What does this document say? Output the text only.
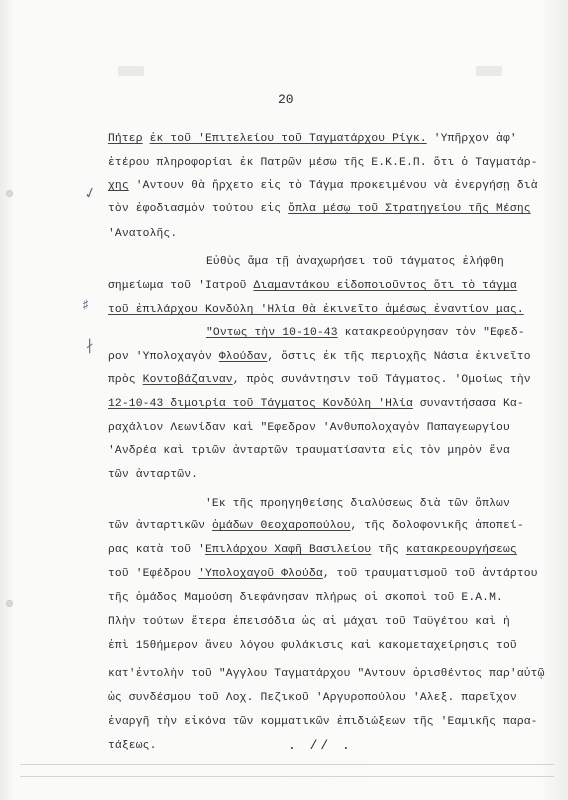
20
Πήτερ ἐκ τοῦ 'Επιτελείου τοῦ Ταγματάρχου Ρίγκ. 'Υπῆρχον ἀφ'
ἑτέρου πληροφορίαι ἐκ Πατρῶν μέσω τῆς Ε.Κ.Ε.Π. ὅτι ὁ Ταγματάρ-
χης 'Αντουν θὰ ἤρχετο εἰς τὸ Τάγμα προκειμένου νὰ ἐνεργήσῃ διὰ
τὸν ἐφοδιασμὸν τούτου εἰς ὅπλα μέσῳ τοῦ Στρατηγείου τῆς Μέσης
'Ανατολῆς.
Εὐθὺς ἅμα τῇ ἀναχωρήσει τοῦ τάγματος ἐλήφθη
σημείωμα τοῦ 'Ιατροῦ Διαμαντάκου εἰδοποιοῦντος ὅτι τὸ τάγμα
τοῦ ἐπιλάρχου Κονδύλη 'Ηλία θὰ ἐκινεῖτο ἀμέσως ἐναντίον μας.
"Οντως τὴν 10-10-43 κατακρεούργησαν τὸν "Εφεδ-
ρον 'Υπολοχαγὸν Φλούδαν, ὅστις ἐκ τῆς περιοχῆς Νάσια ἐκινεῖτο
πρὸς Κοντοβάζαιναν, πρὸς συνάντησιν τοῦ Τάγματος. 'Ομοίως τὴν
12-10-43 διμοιρία τοῦ Τάγματος Κονδύλη 'Ηλία συναντήσασα Κα-
ραχάλιον Λεωνίδαν καὶ "Εφεδρον 'Ανθυπολοχαγὸν Παπαγεωργίου
'Ανδρέα καὶ τριῶν ἀνταρτῶν τραυματίσαντα εἰς τὸν μηρὸν ἕνα
τῶν ἀνταρτῶν.
'Εκ τῆς προηγηθείσης διαλύσεως διὰ τῶν ὅπλων
τῶν ἀνταρτικῶν ὁμάδων Θεοχαροπούλου, τῆς δολοφονικῆς ἀποπεί-
ρας κατὰ τοῦ 'Επιλάρχου Χαφῆ Βασιλείου τῆς κατακρεουργήσεως
τοῦ 'Εφέδρου 'Υπολοχαγοῦ Φλούδα, τοῦ τραυματισμοῦ τοῦ ἀντάρτου
τῆς ὁμάδος Μαμούση διεφάνησαν πλήρως οἱ σκοποὶ τοῦ Ε.Α.Μ.
Πλὴν τούτων ἕτερα ἐπεισόδια ὡς αἱ μάχαι τοῦ Ταϋγέτου καὶ ἡ
ἐπὶ 15θήμερον ἄνευ λόγου φυλάκισις καὶ κακομεταχείρησις τοῦ
κατ'ἐντολὴν τοῦ "Αγγλου Ταγματάρχου "Αντουν ὁρισθέντος παρ'αὐτῷ
ὡς συνδέσμου τοῦ Λοχ. Πεζικοῦ 'Αργυροπούλου 'Αλεξ. παρεῖχον
ἐναργῆ τὴν εἰκόνα τῶν κομματικῶν ἐπιδιώξεων τῆς 'Εαμικῆς παρα-
τάξεως.
✓
♯
∤
. // .
